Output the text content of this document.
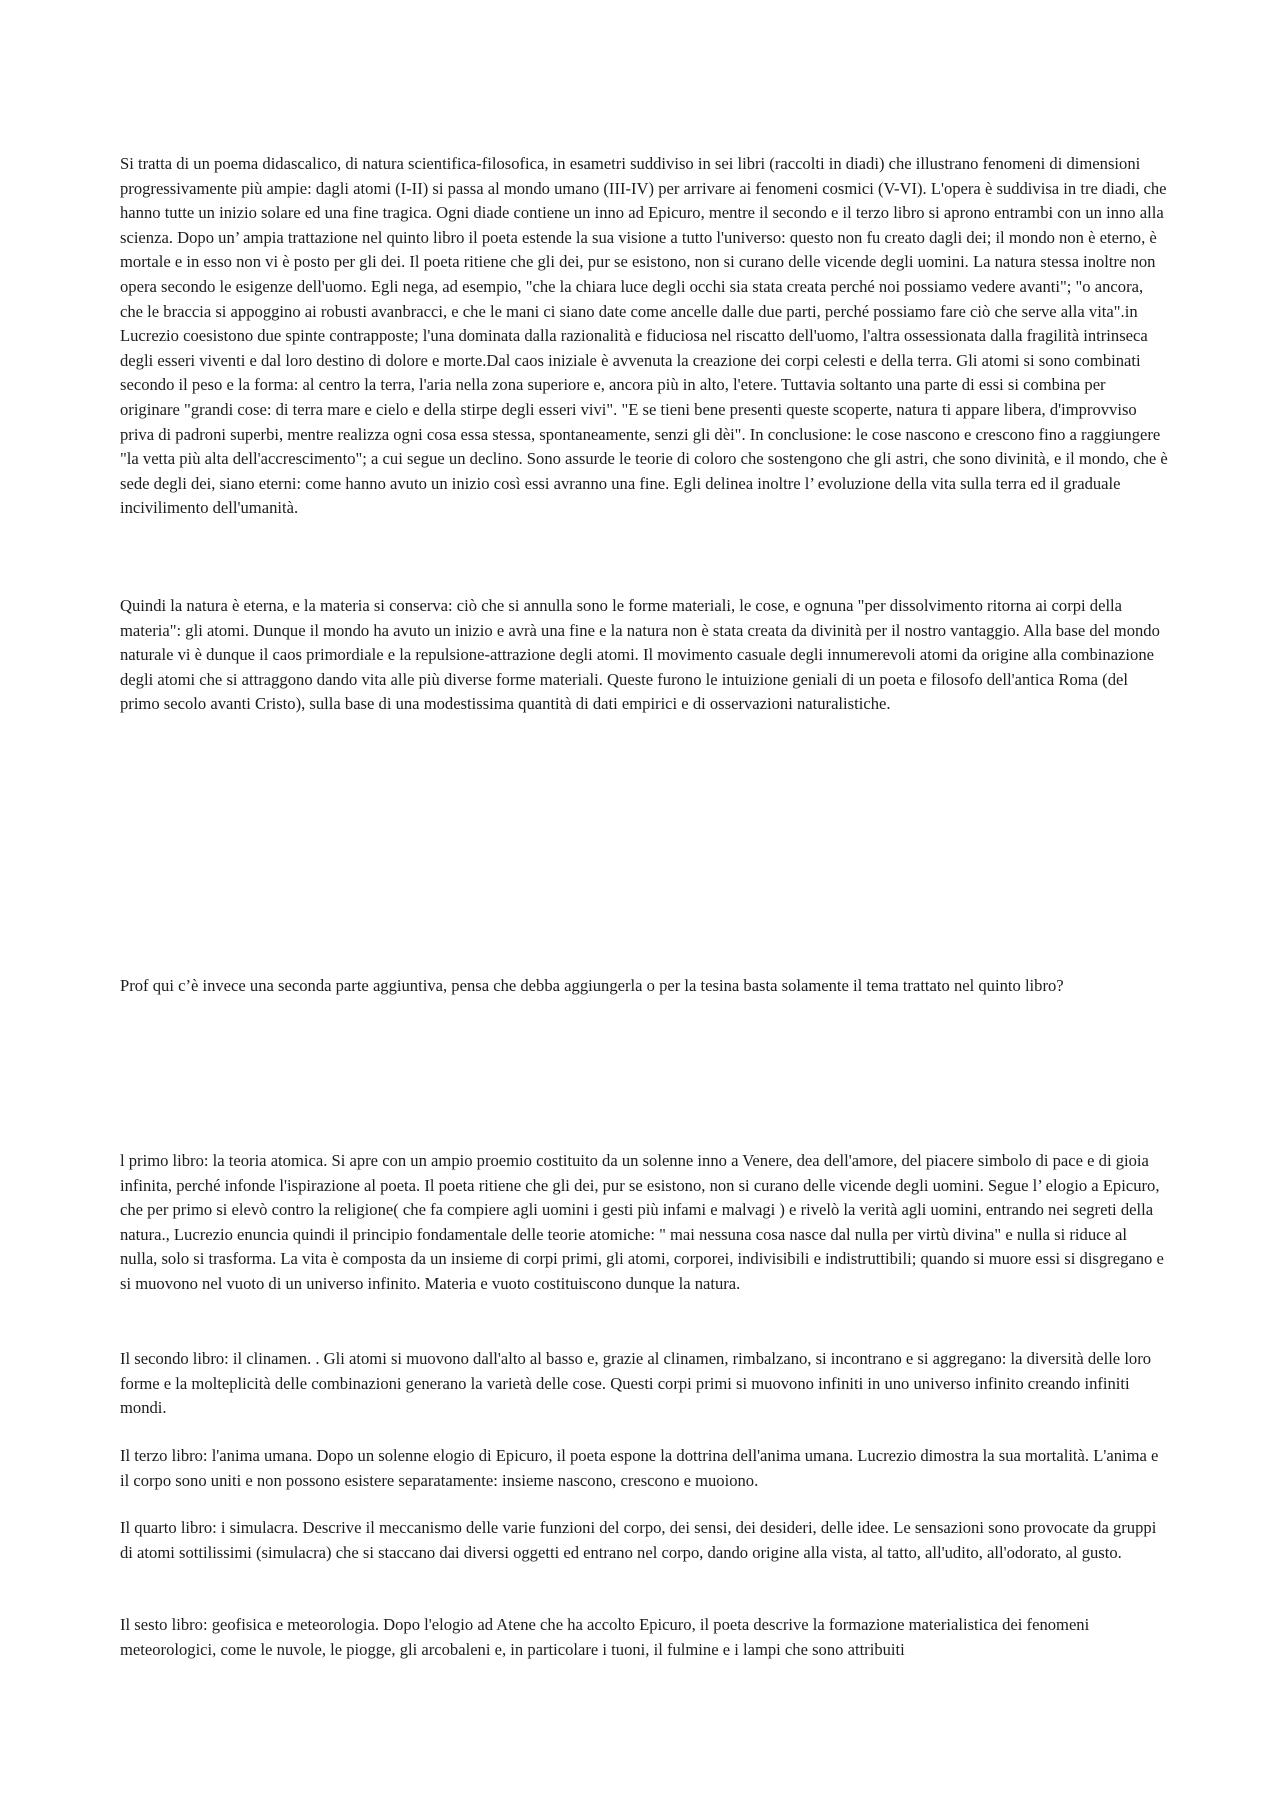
Si tratta di un poema didascalico, di natura scientifica-filosofica, in esametri suddiviso in sei libri (raccolti in diadi) che illustrano fenomeni di dimensioni progressivamente più ampie: dagli atomi (I-II) si passa al mondo umano (III-IV) per arrivare ai fenomeni cosmici (V-VI). L'opera è suddivisa in tre diadi, che hanno tutte un inizio solare ed una fine tragica. Ogni diade contiene un inno ad Epicuro, mentre il secondo e il terzo libro si aprono entrambi con un inno alla scienza. Dopo un’ ampia trattazione nel quinto libro il poeta estende la sua visione a tutto l'universo: questo non fu creato dagli dei; il mondo non è eterno, è mortale e in esso non vi è posto per gli dei. Il poeta ritiene che gli dei, pur se esistono, non si curano delle vicende degli uomini. La natura stessa inoltre non opera secondo le esigenze dell'uomo. Egli nega, ad esempio, "che la chiara luce degli occhi sia stata creata perché noi possiamo vedere avanti"; "o ancora, che le braccia si appoggino ai robusti avanbracci, e che le mani ci siano date come ancelle dalle due parti, perché possiamo fare ciò che serve alla vita".in Lucrezio coesistono due spinte contrapposte; l'una dominata dalla razionalità e fiduciosa nel riscatto dell'uomo, l'altra ossessionata dalla fragilità intrinseca degli esseri viventi e dal loro destino di dolore e morte.Dal caos iniziale è avvenuta la creazione dei corpi celesti e della terra. Gli atomi si sono combinati secondo il peso e la forma: al centro la terra, l'aria nella zona superiore e, ancora più in alto, l'etere. Tuttavia soltanto una parte di essi si combina per originare "grandi cose: di terra mare e cielo e della stirpe degli esseri vivi". "E se tieni bene presenti queste scoperte, natura ti appare libera, d'improvviso priva di padroni superbi, mentre realizza ogni cosa essa stessa, spontaneamente, senzi gli dèi". In conclusione: le cose nascono e crescono fino a raggiungere "la vetta più alta dell'accrescimento"; a cui segue un declino. Sono assurde le teorie di coloro che sostengono che gli astri, che sono divinità, e il mondo, che è sede degli dei, siano eterni: come hanno avuto un inizio così essi avranno una fine. Egli delinea inoltre l’ evoluzione della vita sulla terra ed il graduale incivilimento dell'umanità.

Quindi la natura è eterna, e la materia si conserva: ciò che si annulla sono le forme materiali, le cose, e ognuna "per dissolvimento ritorna ai corpi della materia": gli atomi. Dunque il mondo ha avuto un inizio e avrà una fine e la natura non è stata creata da divinità per il nostro vantaggio. Alla base del mondo naturale vi è dunque il caos primordiale e la repulsione-attrazione degli atomi. Il movimento casuale degli innumerevoli atomi da origine alla combinazione degli atomi che si attraggono dando vita alle più diverse forme materiali. Queste furono le intuizione geniali di un poeta e filosofo dell'antica Roma (del primo secolo avanti Cristo), sulla base di una modestissima quantità di dati empirici e di osservazioni naturalistiche.

Prof qui c’è invece una seconda parte aggiuntiva, pensa che debba aggiungerla o per la tesina basta solamente il tema trattato nel quinto libro?

l primo libro: la teoria atomica. Si apre con un ampio proemio costituito da un solenne inno a Venere, dea dell'amore, del piacere simbolo di pace e di gioia infinita, perché infonde l'ispirazione al poeta. Il poeta ritiene che gli dei, pur se esistono, non si curano delle vicende degli uomini. Segue l’ elogio a Epicuro, che per primo si elevò contro la religione( che fa compiere agli uomini i gesti più infami e malvagi ) e rivelò la verità agli uomini, entrando nei segreti della natura., Lucrezio enuncia quindi il principio fondamentale delle teorie atomiche: " mai nessuna cosa nasce dal nulla per virtù divina" e nulla si riduce al nulla, solo si trasforma. La vita è composta da un insieme di corpi primi, gli atomi, corporei, indivisibili e indistruttibili; quando si muore essi si disgregano e si muovono nel vuoto di un universo infinito. Materia e vuoto costituiscono dunque la natura.

Il secondo libro: il clinamen. . Gli atomi si muovono dall'alto al basso e, grazie al clinamen, rimbalzano, si incontrano e si aggregano: la diversità delle loro forme e la molteplicità delle combinazioni generano la varietà delle cose. Questi corpi primi si muovono infiniti in uno universo infinito creando infiniti mondi.

Il terzo libro: l'anima umana. Dopo un solenne elogio di Epicuro, il poeta espone la dottrina dell'anima umana. Lucrezio dimostra la sua mortalità. L'anima e il corpo sono uniti e non possono esistere separatamente: insieme nascono, crescono e muoiono.

Il quarto libro: i simulacra. Descrive il meccanismo delle varie funzioni del corpo, dei sensi, dei desideri, delle idee. Le sensazioni sono provocate da gruppi di atomi sottilissimi (simulacra) che si staccano dai diversi oggetti ed entrano nel corpo, dando origine alla vista, al tatto, all'udito, all'odorato, al gusto.

Il sesto libro: geofisica e meteorologia. Dopo l'elogio ad Atene che ha accolto Epicuro, il poeta descrive la formazione materialistica dei fenomeni meteorologici, come le nuvole, le piogge, gli arcobaleni e, in particolare i tuoni, il fulmine e i lampi che sono attribuiti
